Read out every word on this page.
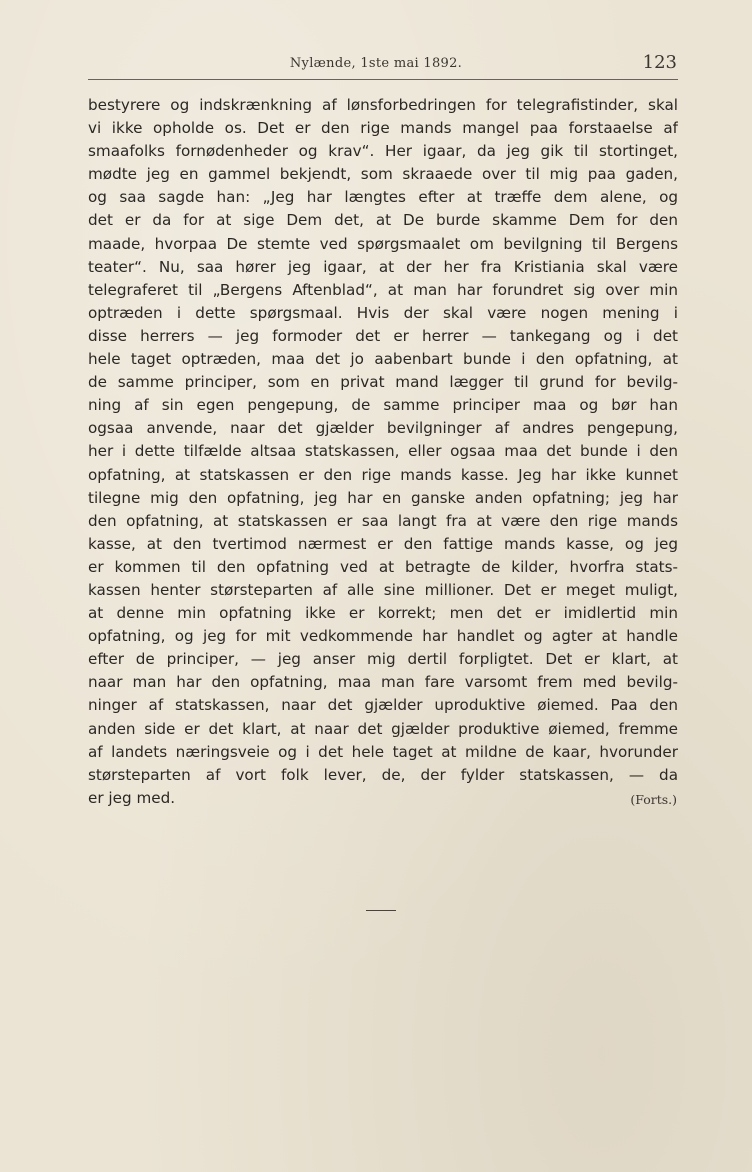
Nylænde, 1ste mai 1892.	123
bestyrere og indskrænkning af lønsforbedringen for telegrafistinder, skal
vi ikke opholde os. Det er den rige mands mangel paa forstaaelse af
smaafolks fornødenheder og krav“. Her igaar, da jeg gik til stortinget,
mødte jeg en gammel bekjendt, som skraaede over til mig paa gaden,
og saa sagde han: „Jeg har længtes efter at træffe dem alene, og
det er da for at sige Dem det, at De burde skamme Dem for den
maade, hvorpaa De stemte ved spørgsmaalet om bevilgning til Bergens
teater“. Nu, saa hører jeg igaar, at der her fra Kristiania skal være
telegraferet til „Bergens Aftenblad“, at man har forundret sig over min
optræden i dette spørgsmaal. Hvis der skal være nogen mening i
disse herrers — jeg formoder det er herrer — tankegang og i det
hele taget optræden, maa det jo aabenbart bunde i den opfatning, at
de samme principer, som en privat mand lægger til grund for bevilg-
ning af sin egen pengepung, de samme principer maa og bør han
ogsaa anvende, naar det gjælder bevilgninger af andres pengepung,
her i dette tilfælde altsaa statskassen, eller ogsaa maa det bunde i den
opfatning, at statskassen er den rige mands kasse. Jeg har ikke kunnet
tilegne mig den opfatning, jeg har en ganske anden opfatning; jeg har
den opfatning, at statskassen er saa langt fra at være den rige mands
kasse, at den tvertimod nærmest er den fattige mands kasse, og jeg
er kommen til den opfatning ved at betragte de kilder, hvorfra stats-
kassen henter størsteparten af alle sine millioner. Det er meget muligt,
at denne min opfatning ikke er korrekt; men det er imidlertid min
opfatning, og jeg for mit vedkommende har handlet og agter at handle
efter de principer, — jeg anser mig dertil forpligtet. Det er klart, at
naar man har den opfatning, maa man fare varsomt frem med bevilg-
ninger af statskassen, naar det gjælder uproduktive øiemed. Paa den
anden side er det klart, at naar det gjælder produktive øiemed, fremme
af landets næringsveie og i det hele taget at mildne de kaar, hvorunder
størsteparten af vort folk lever, de, der fylder statskassen, — da
er jeg med.	(Forts.)
